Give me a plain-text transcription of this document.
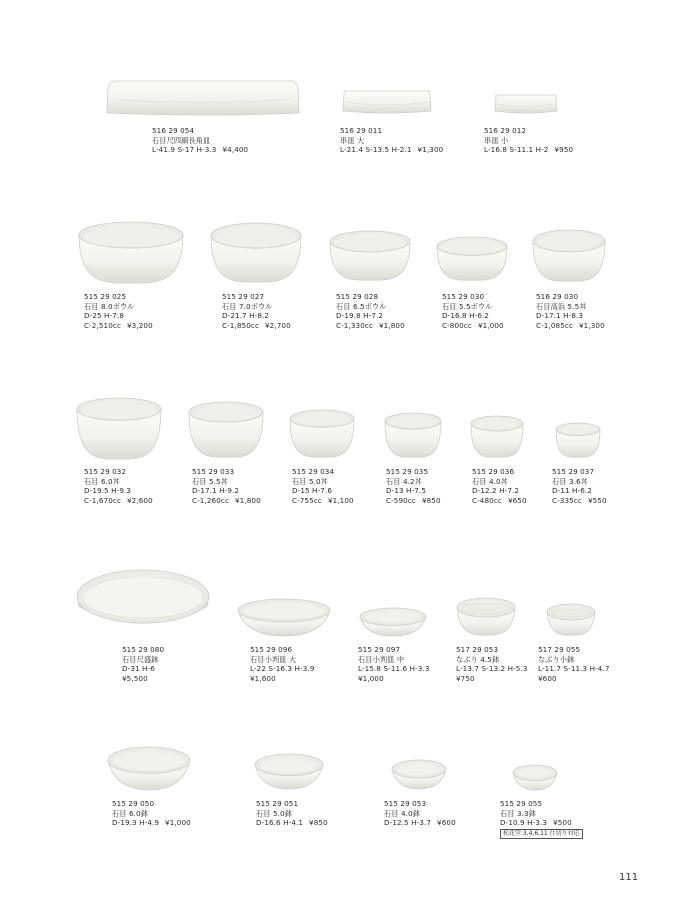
516 29 054
石目尺四細長角皿
L-41.9 S-17 H-3.3 ¥4,400
516 29 011
串皿 大
L-21.4 S-13.5 H-2.1 ¥1,300
516 29 012
串皿 小
L-16.8 S-11.1 H-2 ¥950
515 29 025
石目 8.0ボウル
D-25 H-7.8
C-2,510cc ¥3,200
515 29 027
石目 7.0ボウル
D-21.7 H-8.2
C-1,850cc ¥2,700
515 29 028
石目 6.5ボウル
D-19.8 H-7.2
C-1,330cc ¥1,800
515 29 030
石目 5.5ボウル
D-16.8 H-6.2
C-800cc ¥1,000
516 29 030
石目高浜 5.5丼
D-17.1 H-8.3
C-1,085cc ¥1,300
515 29 032
石目 6.0丼
D-19.5 H-9.3
C-1,670cc ¥2,600
515 29 033
石目 5.5丼
D-17.1 H-9.2
C-1,260cc ¥1,800
515 29 034
石目 5.0丼
D-15 H-7.6
C-755cc ¥1,100
515 29 035
石目 4.2丼
D-13 H-7.5
C-590cc ¥850
515 29 036
石目 4.0丼
D-12.2 H-7.2
C-480cc ¥650
515 29 037
石目 3.6丼
D-11 H-6.2
C-335cc ¥550
515 29 080
石目尺盛鉢
D-31 H-6
¥5,500
515 29 096
石目小判皿 大
L-22 S-16.3 H-3.9
¥1,600
515 29 097
石目小判皿 中
L-15.8 S-11.6 H-3.3
¥1,000
517 29 053
なぶり 4.5鉢
L-13.7 S-13.2 H-5.3
¥750
517 29 055
なぶり小鉢
L-11.7 S-11.3 H-4.7
¥600
515 29 050
石目 6.0鉢
D-19.3 H-4.9 ¥1,000
515 29 051
石目 5.0鉢
D-16.6 H-4.1 ¥850
515 29 053
石目 4.0鉢
D-12.5 H-3.7 ¥600
515 29 055
石目 3.3鉢
D-10.9 H-3.3 ¥500
松花堂 3,4,6,11 仕切り対応
111
